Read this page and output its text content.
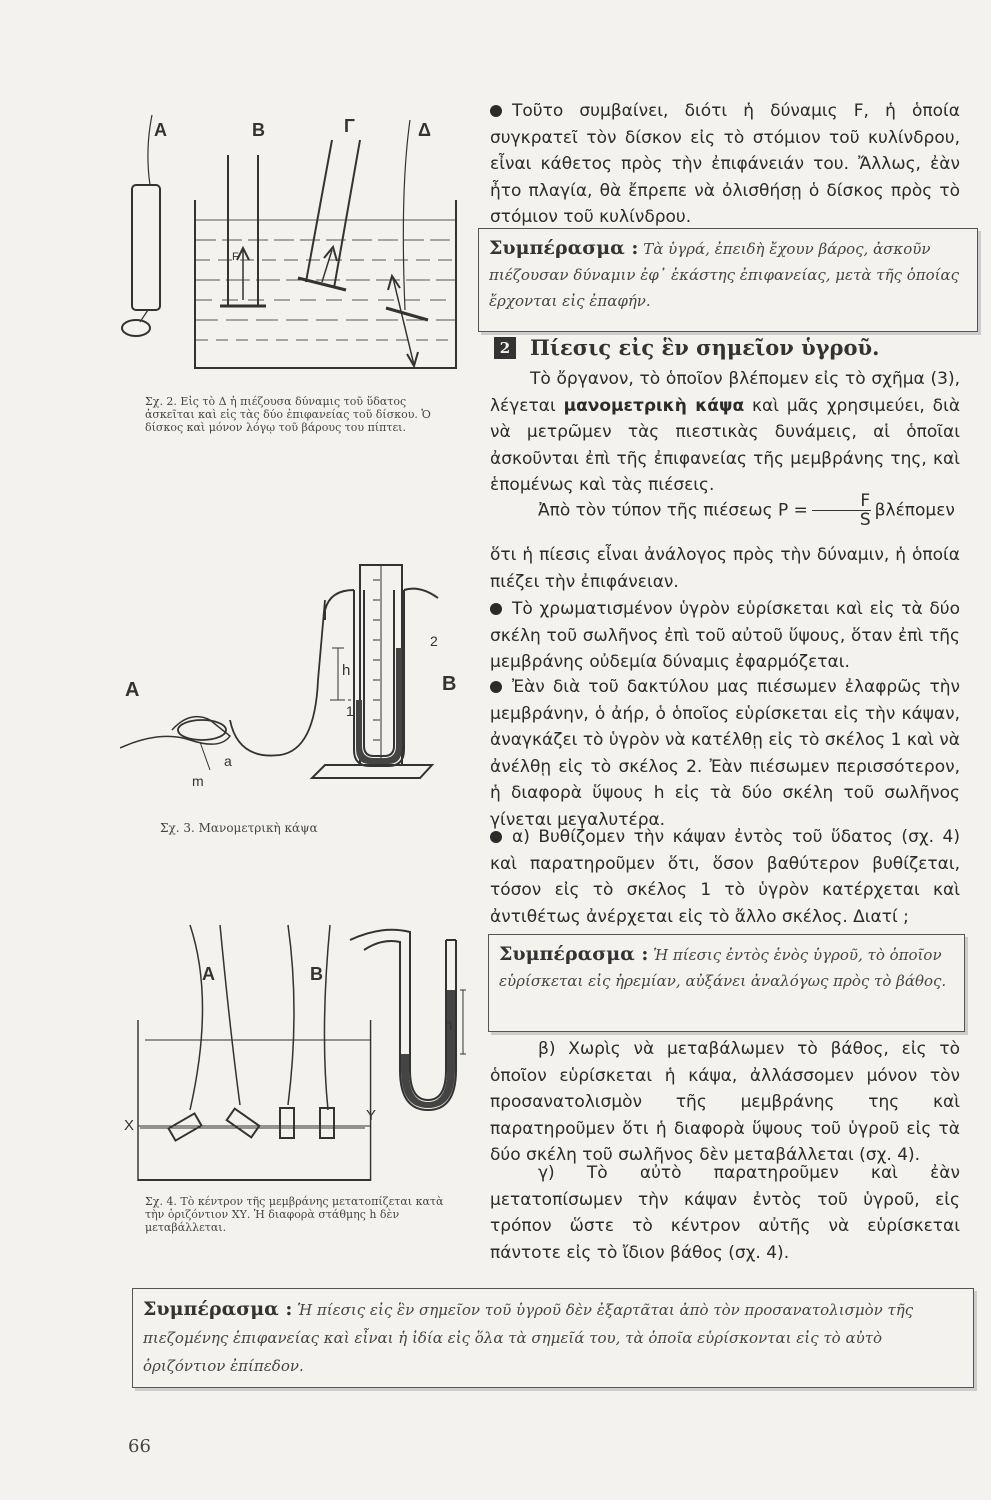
Α	Β	Γ	Δ
F
Σχ. 2. Εἰς τὸ Δ ἡ πιέζουσα δύναμις τοῦ ὕδατος ἀσκεῖται καὶ εἰς τὰς δύο ἐπιφανείας τοῦ δίσκου. Ὁ δίσκος καὶ μόνον λόγῳ τοῦ βάρους του πίπτει.
Α	Β
h
1
2
a
m
Σχ. 3. Μανομετρικὴ κάψα
Α	Β
h
X
Y
Σχ. 4. Τὸ κέντρον τῆς μεμβράνης μετατοπίζεται κατὰ τὴν ὁριζόντιον ΧΥ. Ἡ διαφορὰ στάθμης h δὲν μεταβάλλεται.

Τοῦτο συμβαίνει, διότι ἡ δύναμις F, ἡ ὁποία συγκρατεῖ τὸν δίσκον εἰς τὸ στόμιον τοῦ κυλίνδρου, εἶναι κάθετος πρὸς τὴν ἐπιφάνειάν του. Ἄλλως, ἐὰν ἦτο πλαγία, θὰ ἔπρεπε νὰ ὀλισθήσῃ ὁ δίσκος πρὸς τὸ στόμιον τοῦ κυλίνδρου.

Συμπέρασμα : Τὰ ὑγρά, ἐπειδὴ ἔχουν βάρος, ἀσκοῦν πιέζουσαν δύναμιν ἐφ᾽ ἑκάστης ἐπιφανείας, μετὰ τῆς ὁποίας ἔρχονται εἰς ἐπαφήν.
2 Πίεσις εἰς ἓν σημεῖον ὑγροῦ.

Τὸ ὄργανον, τὸ ὁποῖον βλέπομεν εἰς τὸ σχῆμα (3), λέγεται μανομετρικὴ κάψα καὶ μᾶς χρησιμεύει, διὰ νὰ μετρῶμεν τὰς πιεστικὰς δυνάμεις, αἱ ὁποῖαι ἀσκοῦνται ἐπὶ τῆς ἐπιφανείας τῆς μεμβράνης της, καὶ ἑπομένως καὶ τὰς πιέσεις.

Ἀπὸ τὸν τύπον τῆς πιέσεως $P = \frac{F}{S}$ βλέπομεν

ὅτι ἡ πίεσις εἶναι ἀνάλογος πρὸς τὴν δύναμιν, ἡ ὁποία πιέζει τὴν ἐπιφάνειαν.

Τὸ χρωματισμένον ὑγρὸν εὑρίσκεται καὶ εἰς τὰ δύο σκέλη τοῦ σωλῆνος ἐπὶ τοῦ αὐτοῦ ὕψους, ὅταν ἐπὶ τῆς μεμβράνης οὐδεμία δύναμις ἐφαρμόζεται.

Ἐὰν διὰ τοῦ δακτύλου μας πιέσωμεν ἐλαφρῶς τὴν μεμβράνην, ὁ ἀήρ, ὁ ὁποῖος εὑρίσκεται εἰς τὴν κάψαν, ἀναγκάζει τὸ ὑγρὸν νὰ κατέλθῃ εἰς τὸ σκέλος 1 καὶ νὰ ἀνέλθῃ εἰς τὸ σκέλος 2. Ἐὰν πιέσωμεν περισσότερον, ἡ διαφορὰ ὕψους h εἰς τὰ δύο σκέλη τοῦ σωλῆνος γίνεται μεγαλυτέρα.

α) Βυθίζομεν τὴν κάψαν ἐντὸς τοῦ ὕδατος (σχ. 4) καὶ παρατηροῦμεν ὅτι, ὅσον βαθύτερον βυθίζεται, τόσον εἰς τὸ σκέλος 1 τὸ ὑγρὸν κατέρχεται καὶ ἀντιθέτως ἀνέρχεται εἰς τὸ ἄλλο σκέλος. Διατί ;

Συμπέρασμα : Ἡ πίεσις ἐντὸς ἑνὸς ὑγροῦ, τὸ ὁποῖον εὑρίσκεται εἰς ἠρεμίαν, αὐξάνει ἀναλόγως πρὸς τὸ βάθος.

β) Χωρὶς νὰ μεταβάλωμεν τὸ βάθος, εἰς τὸ ὁποῖον εὑρίσκεται ἡ κάψα, ἀλλάσσομεν μόνον τὸν προσανατολισμὸν τῆς μεμβράνης της καὶ παρατηροῦμεν ὅτι ἡ διαφορὰ ὕψους τοῦ ὑγροῦ εἰς τὰ δύο σκέλη τοῦ σωλῆνος δὲν μεταβάλλεται (σχ. 4).

γ) Τὸ αὐτὸ παρατηροῦμεν καὶ ἐὰν μετατοπίσωμεν τὴν κάψαν ἐντὸς τοῦ ὑγροῦ, εἰς τρόπον ὥστε τὸ κέντρον αὐτῆς νὰ εὑρίσκεται πάντοτε εἰς τὸ ἴδιον βάθος (σχ. 4).

Συμπέρασμα : Ἡ πίεσις εἰς ἓν σημεῖον τοῦ ὑγροῦ δὲν ἐξαρτᾶται ἀπὸ τὸν προσανατολισμὸν τῆς πιεζομένης ἐπιφανείας καὶ εἶναι ἡ ἰδία εἰς ὅλα τὰ σημεῖά του, τὰ ὁποῖα εὑρίσκονται εἰς τὸ αὐτὸ ὁριζόντιον ἐπίπεδον.
66
